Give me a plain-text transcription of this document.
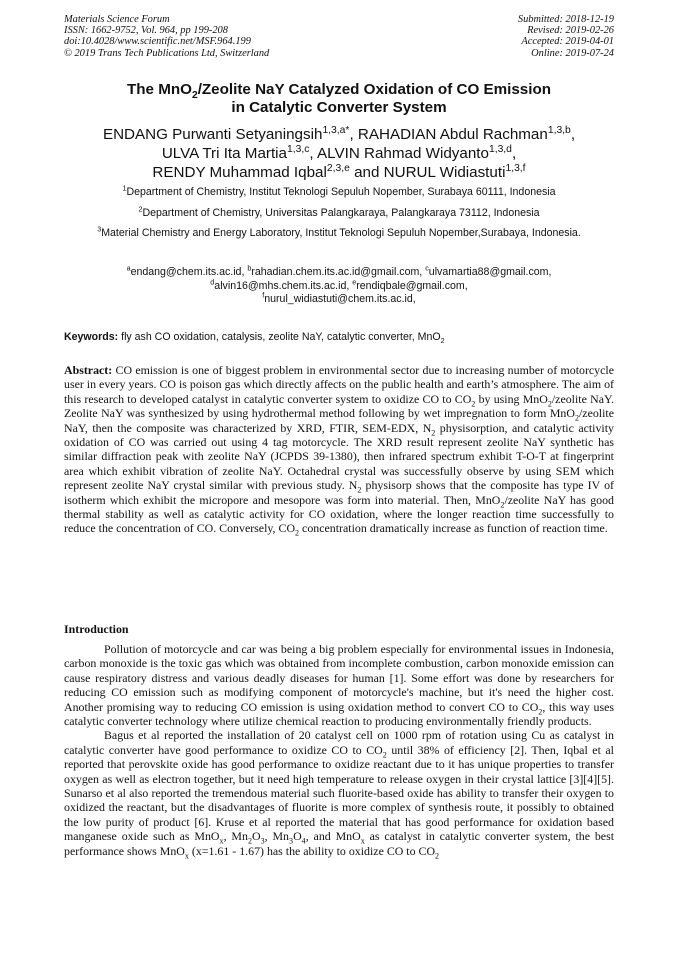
Materials Science Forum
ISSN: 1662-9752, Vol. 964, pp 199-208
doi:10.4028/www.scientific.net/MSF.964.199
© 2019 Trans Tech Publications Ltd, Switzerland
Submitted: 2018-12-19
Revised: 2019-02-26
Accepted: 2019-04-01
Online: 2019-07-24
The MnO$_2$/Zeolite NaY Catalyzed Oxidation of CO Emission
in Catalytic Converter System
ENDANG Purwanti Setyaningsih$^{1,3,a*}$, RAHADIAN Abdul Rachman$^{1,3,b}$,
ULVA Tri Ita Martia$^{1,3,c}$, ALVIN Rahmad Widyanto$^{1,3,d}$,
RENDY Muhammad Iqbal$^{2,3,e}$ and NURUL Widiastuti$^{1,3,f}$

$^1$Department of Chemistry, Institut Teknologi Sepuluh Nopember, Surabaya 60111, Indonesia

$^2$Department of Chemistry, Universitas Palangkaraya, Palangkaraya 73112, Indonesia

$^3$Material Chemistry and Energy Laboratory, Institut Teknologi Sepuluh Nopember,Surabaya, Indonesia.

$^a$endang@chem.its.ac.id, $^b$rahadian.chem.its.ac.id@gmail.com, $^c$ulvamartia88@gmail.com,
$^d$alvin16@mhs.chem.its.ac.id, $^e$rendiqbale@gmail.com,
$^f$nurul_widiastuti@chem.its.ac.id,
Keywords: fly ash CO oxidation, catalysis, zeolite NaY, catalytic converter, MnO$_2$
Abstract: CO emission is one of biggest problem in environmental sector due to increasing number of motorcycle user in every years. CO is poison gas which directly affects on the public health and earth’s atmosphere. The aim of this research to developed catalyst in catalytic converter system to oxidize CO to $CO_2$ by using MnO$_2$/zeolite NaY. Zeolite NaY was synthesized by using hydrothermal method following by wet impregnation to form MnO$_2$/zeolite NaY, then the composite was characterized by XRD, FTIR, SEM-EDX, $N_2$ physisorption, and catalytic activity oxidation of CO was carried out using 4 tag motorcycle. The XRD result represent zeolite NaY synthetic has similar diffraction peak with zeolite NaY (JCPDS 39-1380), then infrared spectrum exhibit T-O-T at fingerprint area which exhibit vibration of zeolite NaY. Octahedral crystal was successfully observe by using SEM which represent zeolite NaY crystal similar with previous study. $N_2$ physisorp shows that the composite has type IV of isotherm which exhibit the micropore and mesopore was form into material. Then, MnO$_2$/zeolite NaY has good thermal stability as well as catalytic activity for CO oxidation, where the longer reaction time successfully to reduce the concentration of CO. Conversely, $CO_2$ concentration dramatically increase as function of reaction time.
Introduction

Pollution of motorcycle and car was being a big problem especially for environmental issues in Indonesia, carbon monoxide is the toxic gas which was obtained from incomplete combustion, carbon monoxide emission can cause respiratory distress and various deadly diseases for human [1]. Some effort was done by researchers for reducing CO emission such as modifying component of motorcycle's machine, but it's need the higher cost. Another promising way to reducing CO emission is using oxidation method to convert CO to $CO_2$, this way uses catalytic converter technology where utilize chemical reaction to producing environmentally friendly products.

Bagus et al reported the installation of 20 catalyst cell on 1000 rpm of rotation using Cu as catalyst in catalytic converter have good performance to oxidize CO to $CO_2$ until 38% of efficiency [2]. Then, Iqbal et al reported that perovskite oxide has good performance to oxidize reactant due to it has unique properties to transfer oxygen as well as electron together, but it need high temperature to release oxygen in their crystal lattice [3][4][5]. Sunarso et al also reported the tremendous material such fluorite-based oxide has ability to transfer their oxygen to oxidized the reactant, but the disadvantages of fluorite is more complex of synthesis route, it possibly to obtained the low purity of product [6]. Kruse et al reported the material that has good performance for oxidation based manganese oxide such as MnO$_x$, $Mn_2O_3$, $Mn_3O_4$, and MnO$_x$ as catalyst in catalytic converter system, the best performance shows MnO$_x$ (x=1.61 - 1.67) has the ability to oxidize CO to $CO_2$
